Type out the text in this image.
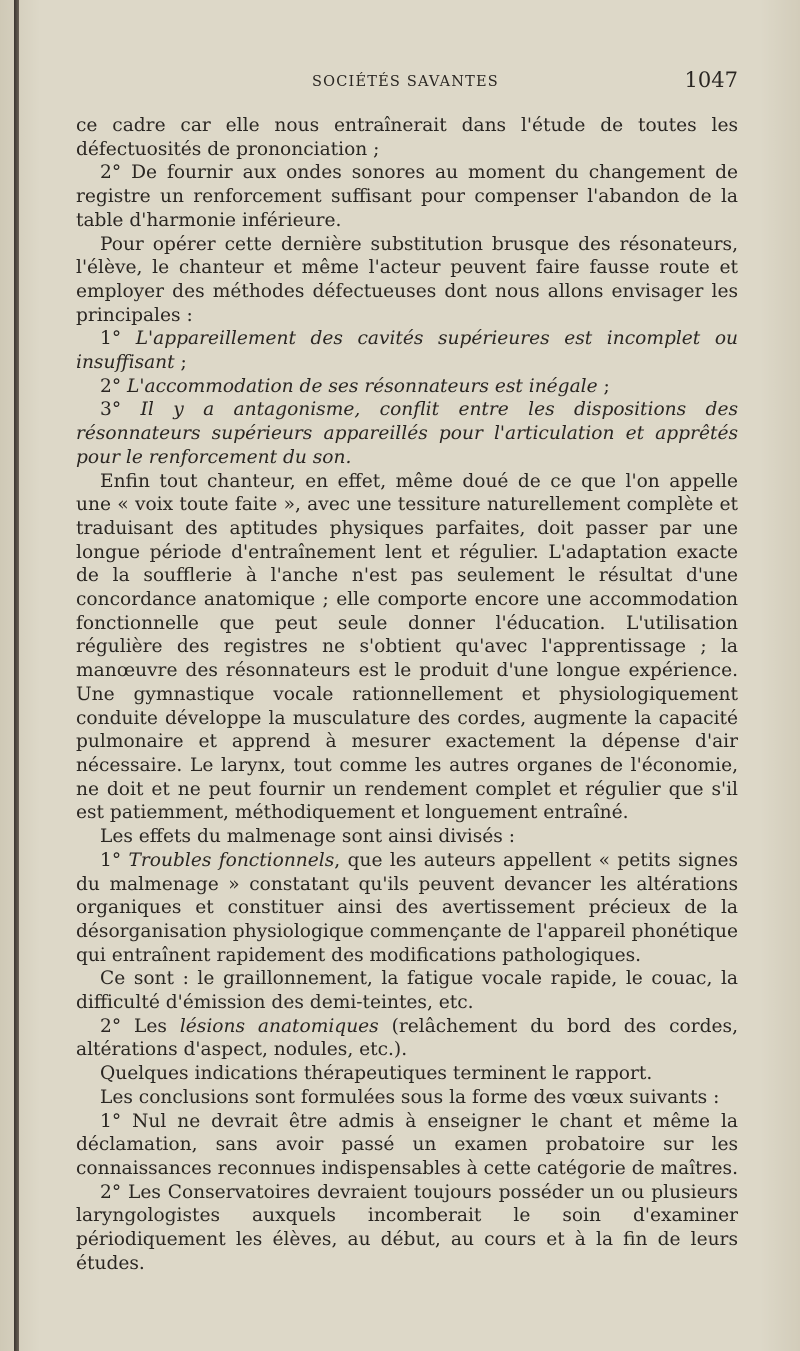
SOCIÉTÉS SAVANTES	1047

ce cadre car elle nous entraînerait dans l'étude de toutes les défectuosités de prononciation ;

2° De fournir aux ondes sonores au moment du changement de registre un renforcement suffisant pour compenser l'abandon de la table d'harmonie inférieure.

Pour opérer cette dernière substitution brusque des résonateurs, l'élève, le chanteur et même l'acteur peuvent faire fausse route et employer des méthodes défectueuses dont nous allons envisager les principales :

1° L'appareillement des cavités supérieures est incomplet ou insuffisant ;

2° L'accommodation de ses résonnateurs est inégale ;

3° Il y a antagonisme, conflit entre les dispositions des résonnateurs supérieurs appareillés pour l'articulation et apprêtés pour le renforcement du son.

Enfin tout chanteur, en effet, même doué de ce que l'on appelle une « voix toute faite », avec une tessiture naturellement complète et traduisant des aptitudes physiques parfaites, doit passer par une longue période d'entraînement lent et régulier. L'adaptation exacte de la soufflerie à l'anche n'est pas seulement le résultat d'une concordance anatomique ; elle comporte encore une accommodation fonctionnelle que peut seule donner l'éducation. L'utilisation régulière des registres ne s'obtient qu'avec l'apprentissage ; la manœuvre des résonnateurs est le produit d'une longue expérience. Une gymnastique vocale rationnellement et physiologiquement conduite développe la musculature des cordes, augmente la capacité pulmonaire et apprend à mesurer exactement la dépense d'air nécessaire. Le larynx, tout comme les autres organes de l'économie, ne doit et ne peut fournir un rendement complet et régulier que s'il est patiemment, méthodiquement et longuement entraîné.

Les effets du malmenage sont ainsi divisés :

1° Troubles fonctionnels, que les auteurs appellent « petits signes du malmenage » constatant qu'ils peuvent devancer les altérations organiques et constituer ainsi des avertissement précieux de la désorganisation physiologique commençante de l'appareil phonétique qui entraînent rapidement des modifications pathologiques.

Ce sont : le graillonnement, la fatigue vocale rapide, le couac, la difficulté d'émission des demi-teintes, etc.

2° Les lésions anatomiques (relâchement du bord des cordes, altérations d'aspect, nodules, etc.).

Quelques indications thérapeutiques terminent le rapport.

Les conclusions sont formulées sous la forme des vœux suivants :

1° Nul ne devrait être admis à enseigner le chant et même la déclamation, sans avoir passé un examen probatoire sur les connaissances reconnues indispensables à cette catégorie de maîtres.

2° Les Conservatoires devraient toujours posséder un ou plusieurs laryngologistes auxquels incomberait le soin d'examiner périodiquement les élèves, au début, au cours et à la fin de leurs études.
